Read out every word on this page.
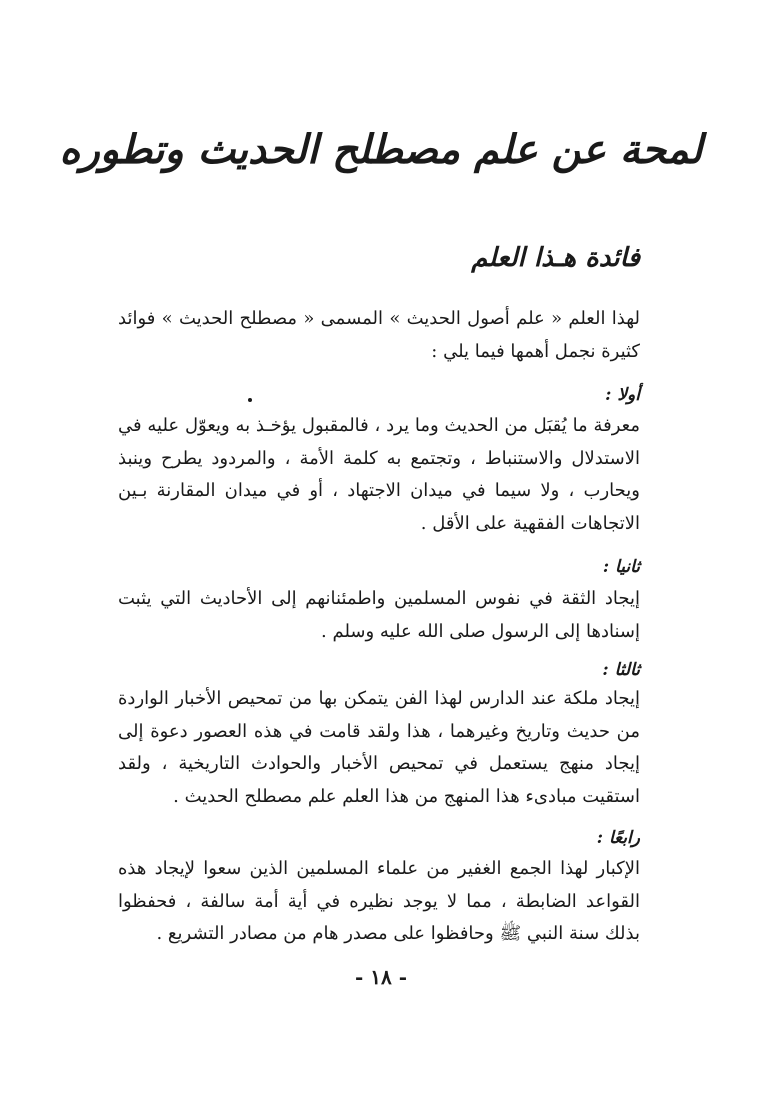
لمحة عن علم مصطلح الحديث وتطوره
فائدة هـذا العلم

لهذا العلم « علم أصول الحديث » المسمى « مصطلح الحديث » فوائد كثيرة نجمل أهمها فيما يلي :

أولا :

معرفة ما يُقبَل من الحديث وما يرد ، فالمقبول يؤخـذ به ويعوّل عليه في الاستدلال والاستنباط ، وتجتمع به كلمة الأمة ، والمردود يطرح وينبذ ويحارب ، ولا سيما في ميدان الاجتهاد ، أو في ميدان المقارنة بـين الاتجاهات الفقهية على الأقل .

ثانيا :

إيجاد الثقة في نفوس المسلمين واطمئنانهم إلى الأحاديث التي يثبت إسنادها إلى الرسول صلى الله عليه وسلم .

ثالثا :

إيجاد ملكة عند الدارس لهذا الفن يتمكن بها من تمحيص الأخبار الواردة من حديث وتاريخ وغيرهما ، هذا ولقد قامت في هذه العصور دعوة إلى إيجاد منهج يستعمل في تمحيص الأخبار والحوادث التاريخية ، ولقد استقيت مبادىء هذا المنهج من هذا العلم علم مصطلح الحديث .

رابعًا :

الإكبار لهذا الجمع الغفير من علماء المسلمين الذين سعوا لإيجاد هذه القواعد الضابطة ، مما لا يوجد نظيره في أية أمة سالفة ، فحفظوا بذلك سنة النبي ﷺ وحافظوا على مصدر هام من مصادر التشريع .

- ١٨ -
